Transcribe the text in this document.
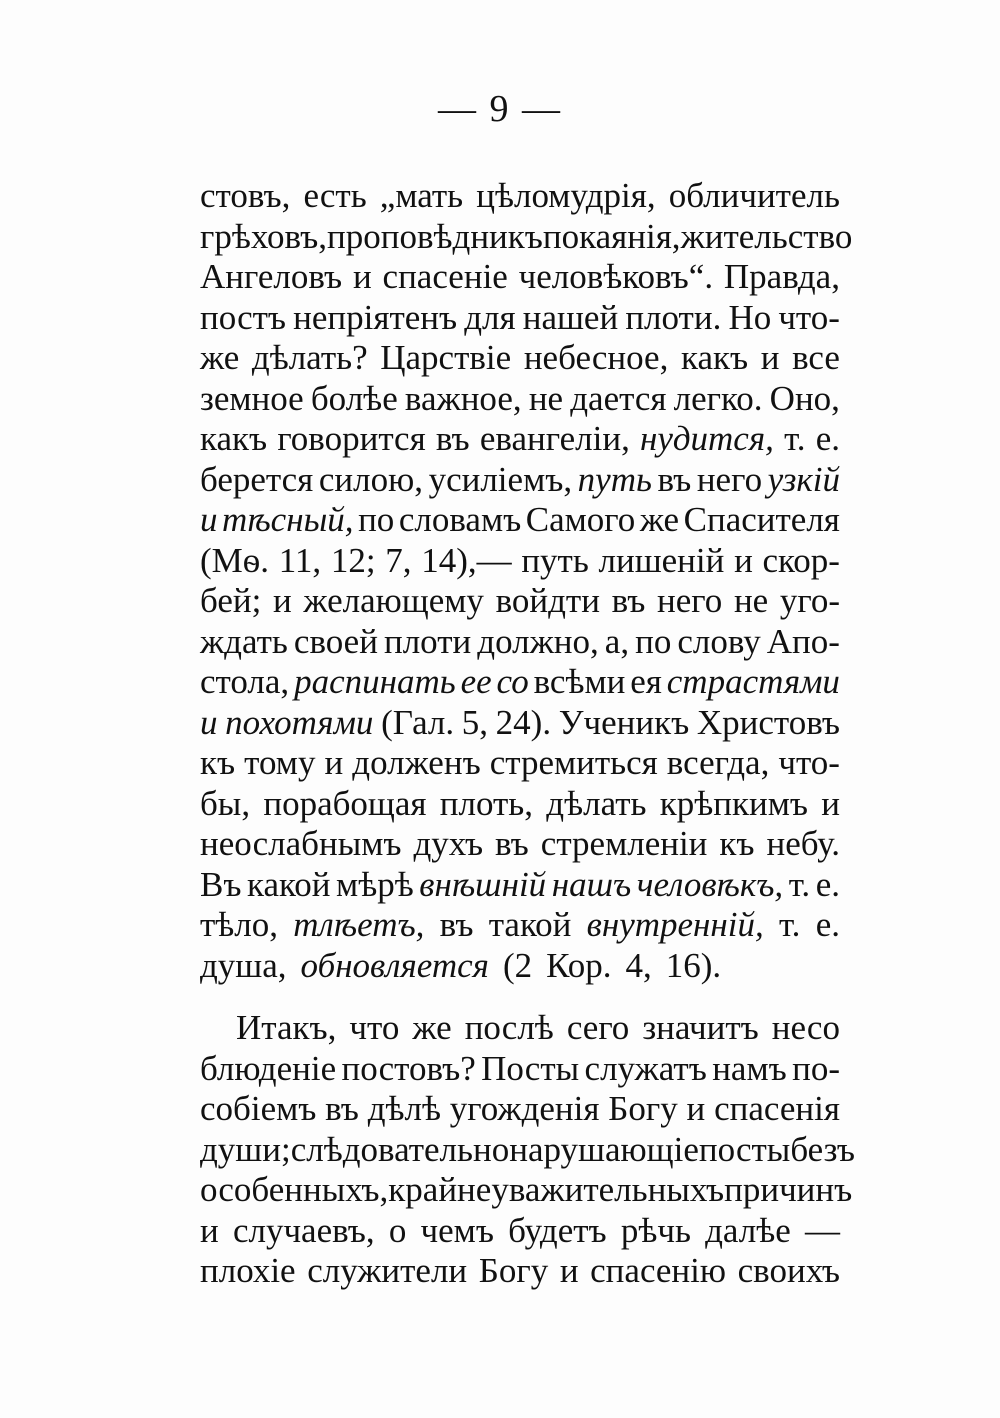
— 9 —
стовъ, есть „мать цѣломудрія, обличитель
грѣховъ, проповѣдникъ покаянія, жительство
Ангеловъ и спасеніе человѣковъ“. Правда,
постъ непріятенъ для нашей плоти. Но что-
же дѣлать? Царствіе небесное, какъ и все
земное болѣе важное, не дается легко. Оно,
какъ говорится въ евангеліи, нудится, т. е.
берется силою, усиліемъ, путь въ него узкій
и тѣсный, по словамъ Самого же Спасителя
(Мѳ. 11, 12; 7, 14),— путь лишеній и скор-
бей; и желающему войдти въ него не уго-
ждать своей плоти должно, а, по слову Апо-
стола, распинать ее со всѣми ея страстями
и похотями (Гал. 5, 24). Ученикъ Христовъ
къ тому и долженъ стремиться всегда, что-
бы, порабощая плоть, дѣлать крѣпкимъ и
неослабнымъ духъ въ стремленіи къ небу.
Въ какой мѣрѣ внѣшній нашъ человѣкъ, т. е.
тѣло, тлѣетъ, въ такой внутренній, т. е.
душа, обновляется (2 Кор. 4, 16).
Итакъ, что же послѣ сего значитъ несо
блюденіе постовъ? Посты служатъ намъ по-
собіемъ въ дѣлѣ угожденія Богу и спасенія
души; слѣдовательно нарушающіе посты безъ
особенныхъ, крайне уважительныхъ причинъ
и случаевъ, о чемъ будетъ рѣчь далѣе —
плохіе служители Богу и спасенію своихъ
